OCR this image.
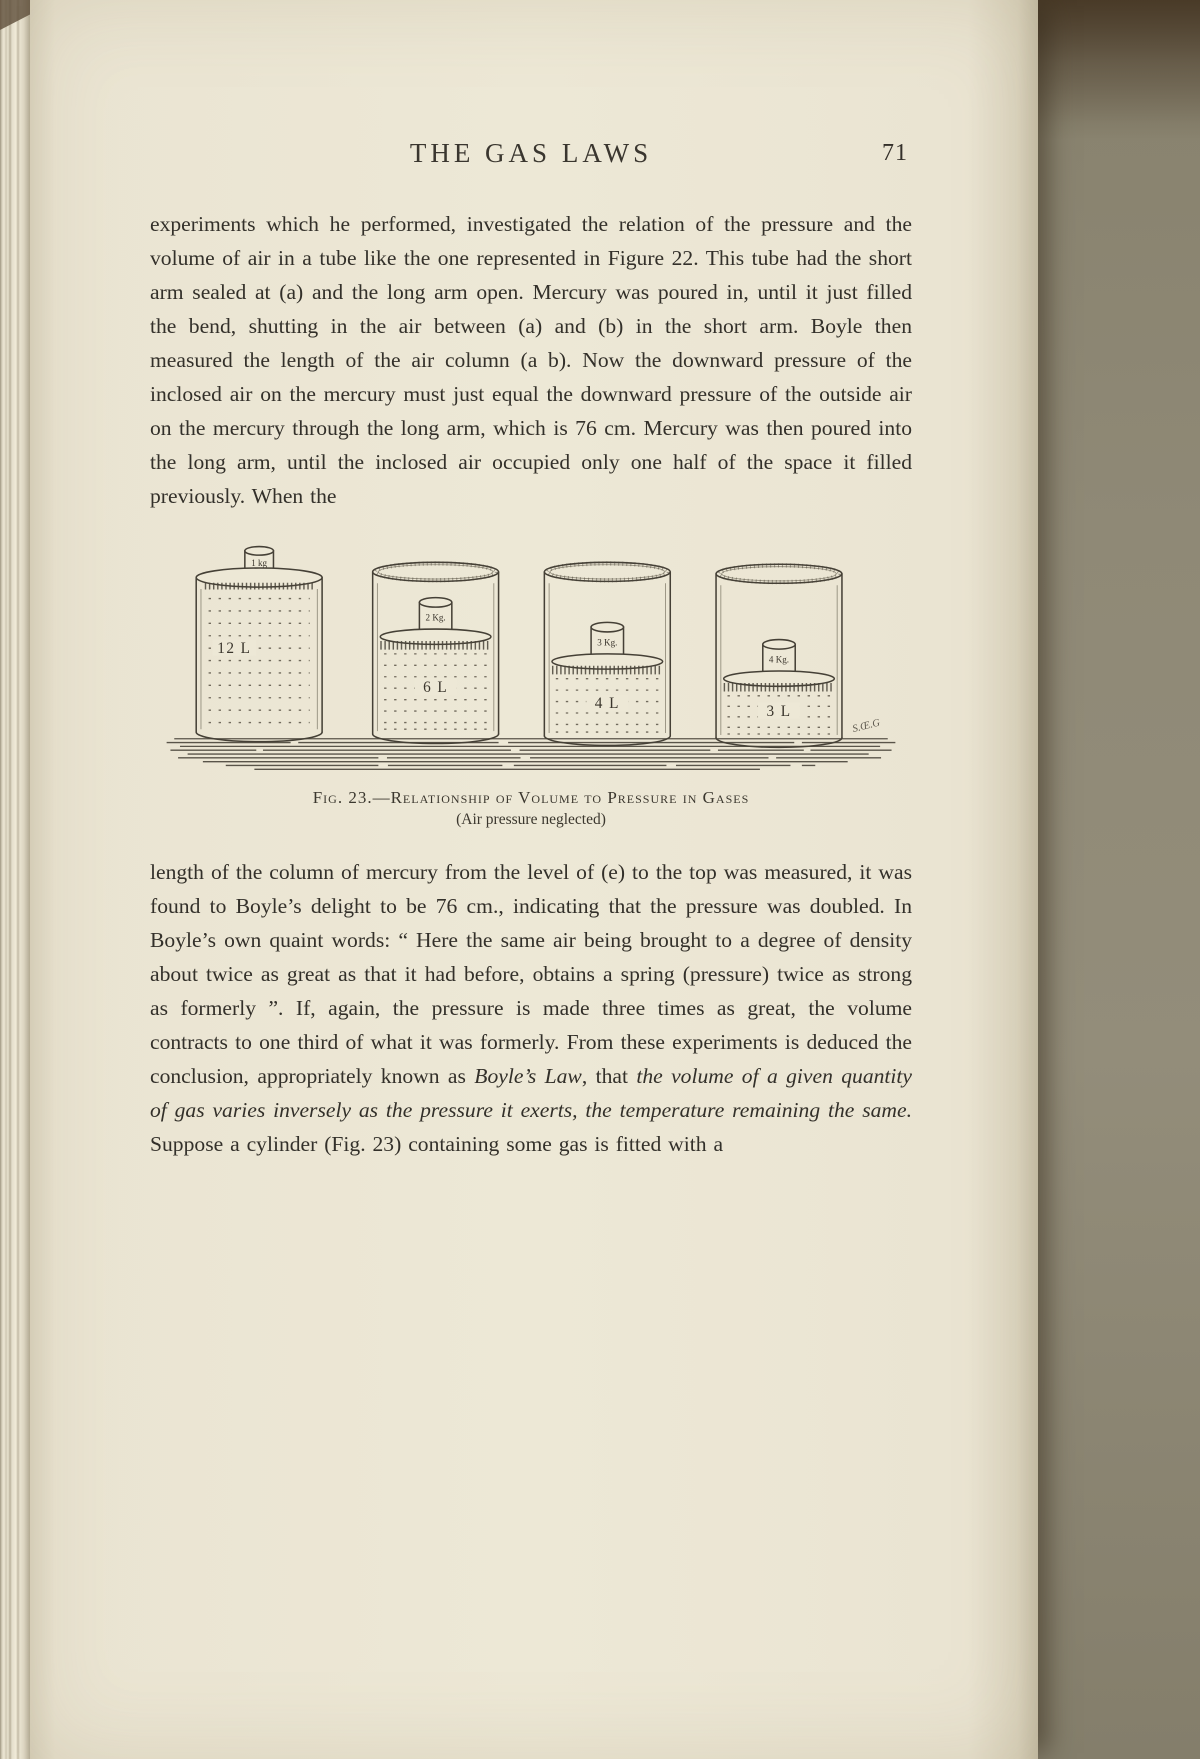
THE GAS LAWS	71

experiments which he performed, investigated the relation of the pressure and the volume of air in a tube like the one represented in Figure 22. This tube had the short arm sealed at (a) and the long arm open. Mercury was poured in, until it just filled the bend, shutting in the air between (a) and (b) in the short arm. Boyle then measured the length of the air column (a b). Now the downward pressure of the inclosed air on the mercury must just equal the downward pressure of the outside air on the mercury through the long arm, which is 76 cm. Mercury was then poured into the long arm, until the inclosed air occupied only one half of the space it filled previously. When the

1 kg
12 L
2 Kg.
6 L
3 Kg.
4 L
4 Kg.
3 L
S.Œ.G
Fig. 23.—Relationship of Volume to Pressure in Gases
(Air pressure neglected)

length of the column of mercury from the level of (e) to the top was measured, it was found to Boyle’s delight to be 76 cm., indicating that the pressure was doubled. In Boyle’s own quaint words: “ Here the same air being brought to a degree of density about twice as great as that it had before, obtains a spring (pressure) twice as strong as formerly ”. If, again, the pressure is made three times as great, the volume contracts to one third of what it was formerly. From these experiments is deduced the conclusion, appropriately known as Boyle’s Law, that the volume of a given quantity of gas varies inversely as the pressure it exerts, the temperature remaining the same. Suppose a cylinder (Fig. 23) containing some gas is fitted with a
